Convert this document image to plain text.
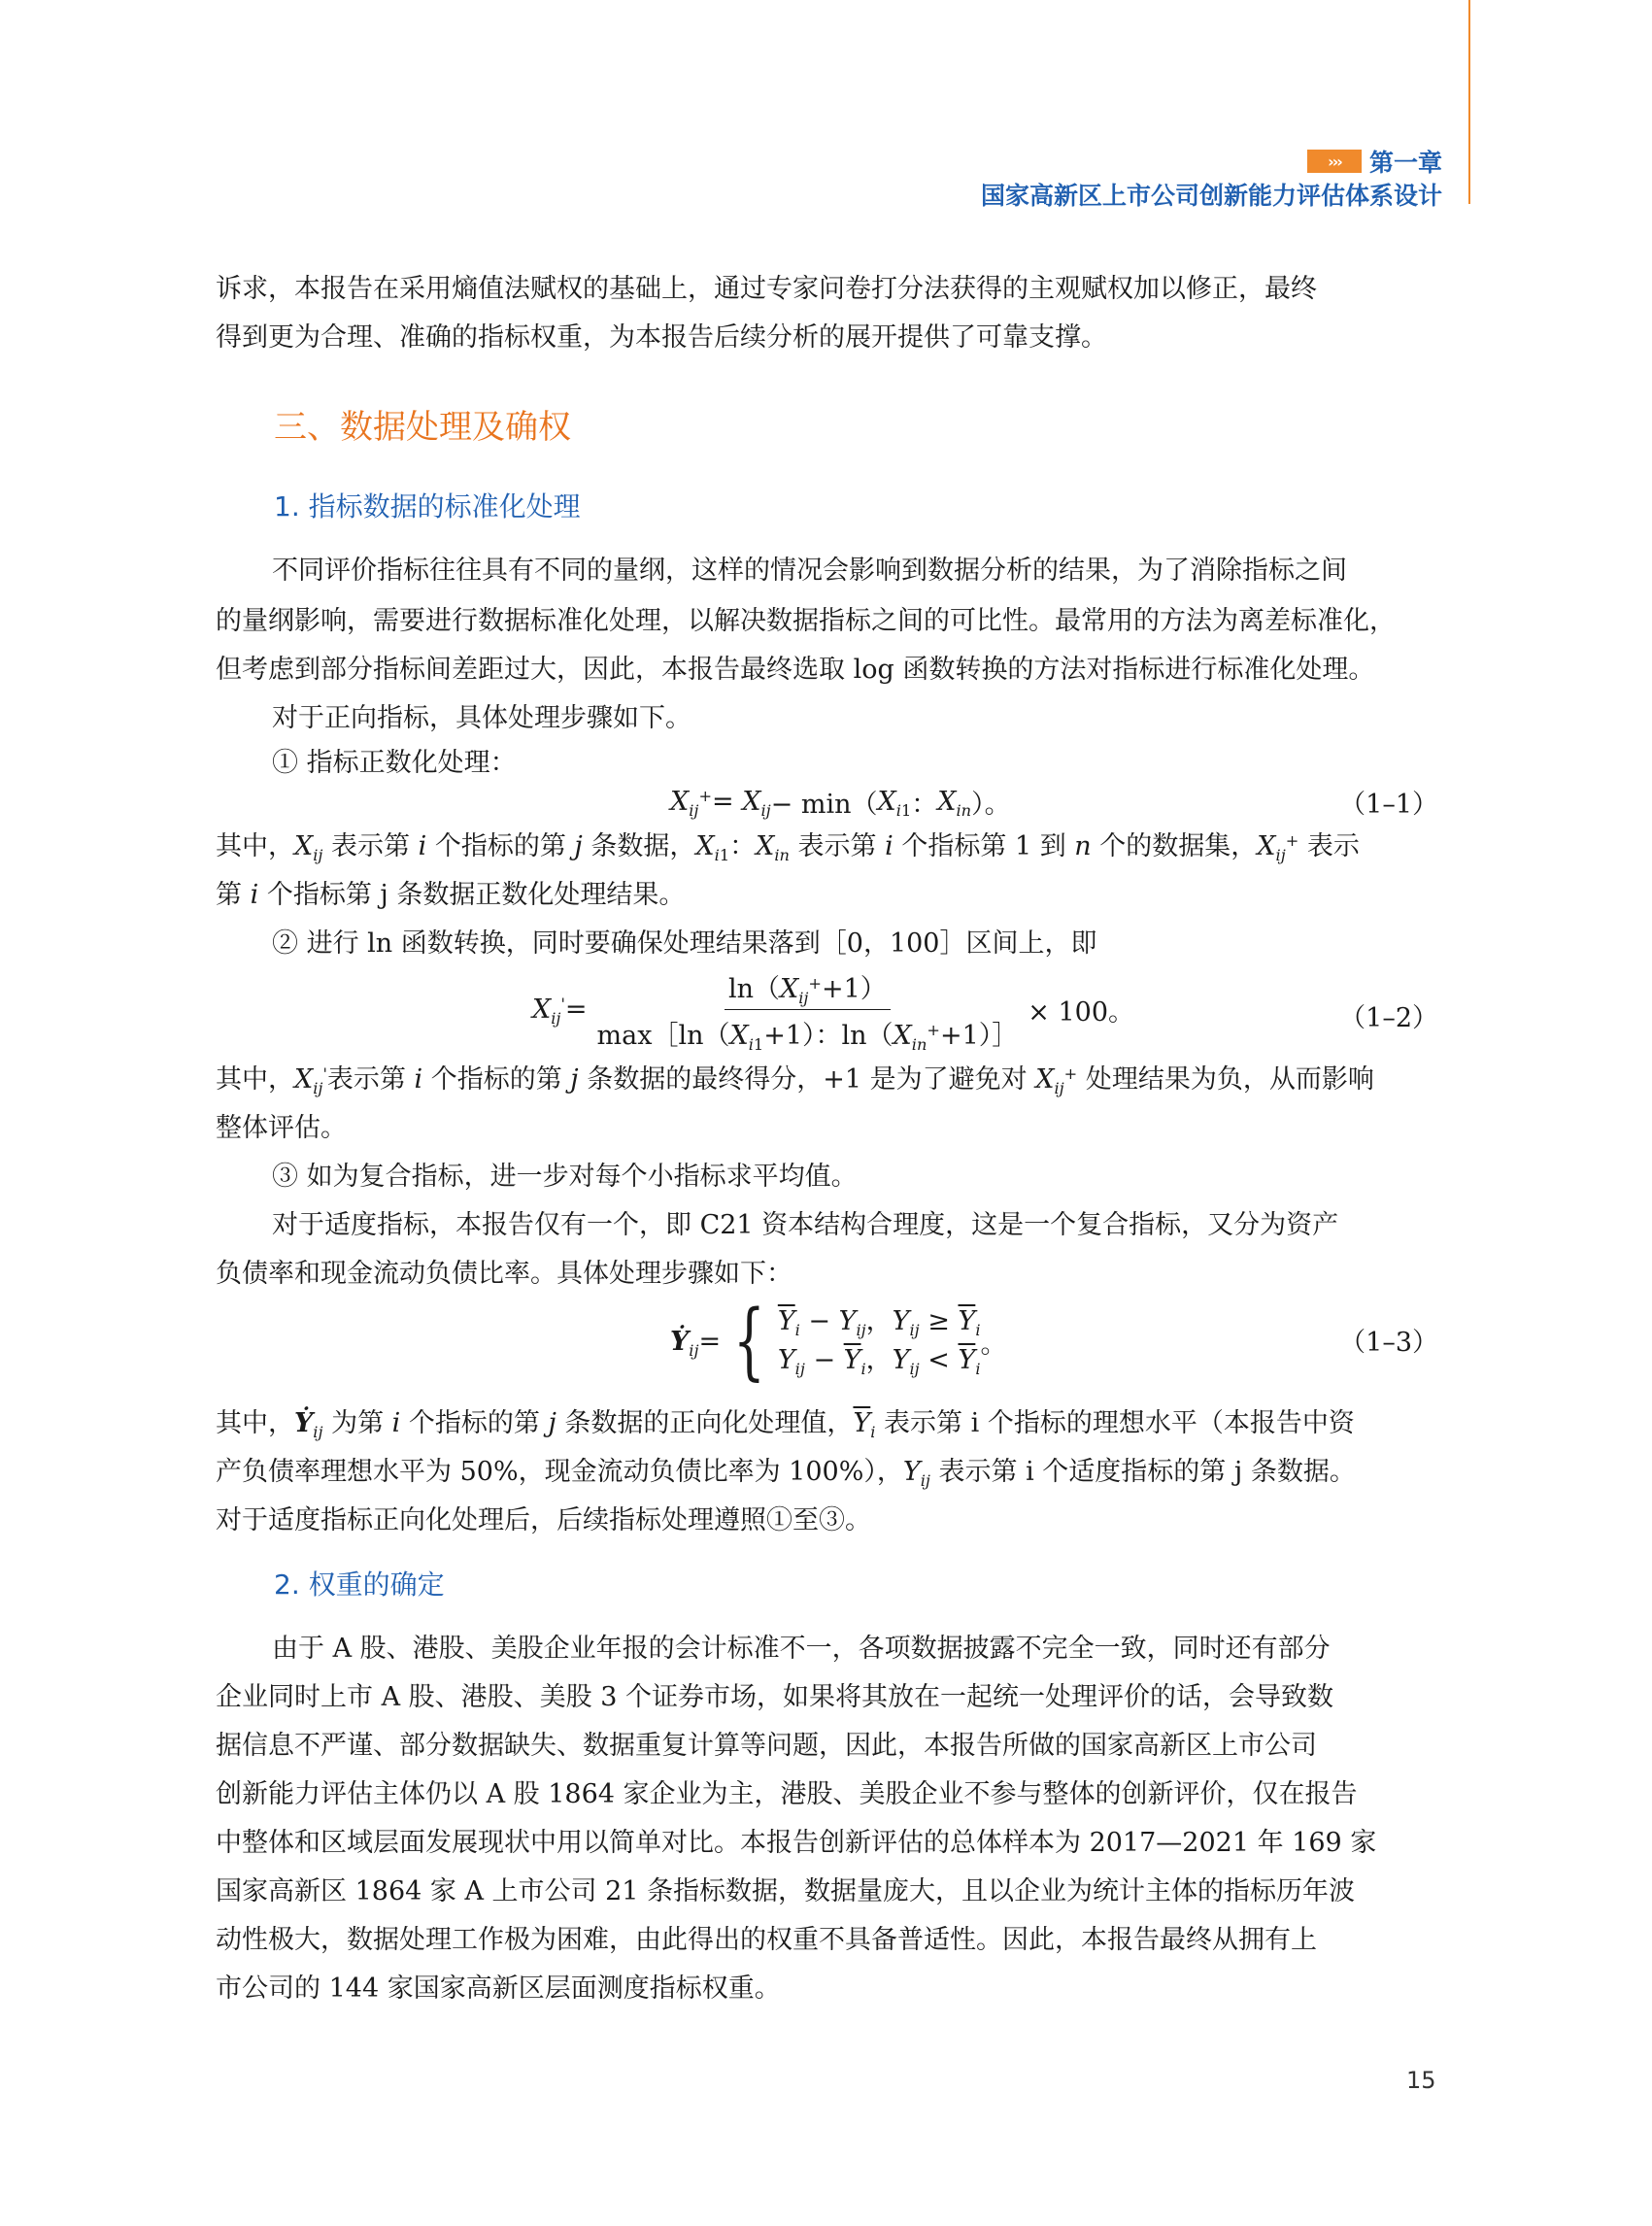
›››	第一章
国家高新区上市公司创新能力评估体系设计
诉求，本报告在采用熵值法赋权的基础上，通过专家问卷打分法获得的主观赋权加以修正，最终
得到更为合理、准确的指标权重，为本报告后续分析的展开提供了可靠支撑。
三、数据处理及确权
1. 指标数据的标准化处理
不同评价指标往往具有不同的量纲，这样的情况会影响到数据分析的结果，为了消除指标之间
的量纲影响，需要进行数据标准化处理，以解决数据指标之间的可比性。最常用的方法为离差标准化，
但考虑到部分指标间差距过大，因此，本报告最终选取 log 函数转换的方法对指标进行标准化处理。
对于正向指标，具体处理步骤如下。
① 指标正数化处理：
$X_{ij}^+= X_{ij} - \min$（ $X_{i1}$ ： $X_{in}$ ）。	（1–1）
其中，$X_{ij}$ 表示第 i 个指标的第 j 条数据，$X_{i1}$：$X_{in}$ 表示第 i 个指标第 1 到 n 个的数据集，$X_{ij}^+$ 表示
第 i 个指标第 j 条数据正数化处理结果。
② 进行 ln 函数转换，同时要确保处理结果落到［0，100］区间上，即
$X_{ij}'= \frac{\ln(X_{ij}^++1)}{\max[\ln(X_{i1}+1):\ln(X_{in}^++1)]} \times 100$。	（1–2）
其中，$X_{ij}'$表示第 i 个指标的第 j 条数据的最终得分，+1 是为了避免对 $X_{ij}^+$ 处理结果为负，从而影响
整体评估。
③ 如为复合指标，进一步对每个小指标求平均值。
对于适度指标，本报告仅有一个，即 C21 资本结构合理度，这是一个复合指标，又分为资产
负债率和现金流动负债比率。具体处理步骤如下：
Ẏ$_{ij}$= { $\overline{Y}_i - Y_{ij}$，$Y_{ij} \ge \overline{Y}_i$
$Y_{ij} - \overline{Y}_i$，$Y_{ij} < \overline{Y}_i$
。	（1–3）
其中，Ẏ$_{ij}$ 为第 i 个指标的第 j 条数据的正向化处理值，$\overline{Y}_i$ 表示第 i 个指标的理想水平（本报告中资
产负债率理想水平为 50%，现金流动负债比率为 100%），$Y_{ij}$ 表示第 i 个适度指标的第 j 条数据。
对于适度指标正向化处理后，后续指标处理遵照①至③。
2. 权重的确定
由于 A 股、港股、美股企业年报的会计标准不一，各项数据披露不完全一致，同时还有部分
企业同时上市 A 股、港股、美股 3 个证券市场，如果将其放在一起统一处理评价的话，会导致数
据信息不严谨、部分数据缺失、数据重复计算等问题，因此，本报告所做的国家高新区上市公司
创新能力评估主体仍以 A 股 1864 家企业为主，港股、美股企业不参与整体的创新评价，仅在报告
中整体和区域层面发展现状中用以简单对比。本报告创新评估的总体样本为 2017—2021 年 169 家
国家高新区 1864 家 A 上市公司 21 条指标数据，数据量庞大，且以企业为统计主体的指标历年波
动性极大，数据处理工作极为困难，由此得出的权重不具备普适性。因此，本报告最终从拥有上
市公司的 144 家国家高新区层面测度指标权重。
15
